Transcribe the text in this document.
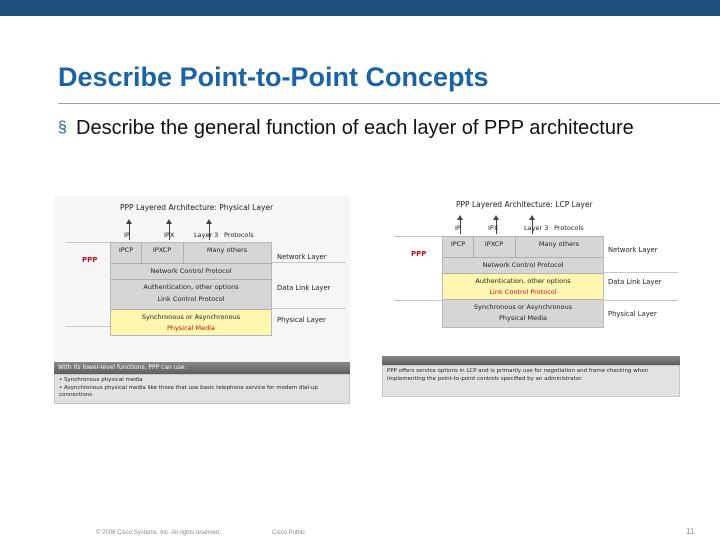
Describe Point-to-Point Concepts
§ Describe the general function of each layer of PPP architecture
PPP Layered Architecture: Physical Layer
IP	IPX	Layer 3 Protocols
PPP
IPCP	IPXCP	Many others
Network Control Protocol
Authentication, other options
Link Control Protocol
Synchronous or Asynchronous
Physical Media
Network Layer
Data Link Layer
Physical Layer
With its lower-level functions, PPP can use:
• Synchronous physical media
• Asynchronous physical media like those that use basic telephone service for modem dial-up connections
PPP Layered Architecture: LCP Layer
IP	IPX	Layer 3 Protocols
PPP
IPCP	IPXCP	Many others
Network Control Protocol
Authentication, other options
Link Control Protocol
Synchronous or Asynchronous
Physical Media
Network Layer
Data Link Layer
Physical Layer
PPP offers service options in LCP and is primarily use for negotiation and frame checking when implementing the point-to-point controls specified by an administrator.
© 2006 Cisco Systems, Inc. All rights reserved.	Cisco Public	11
